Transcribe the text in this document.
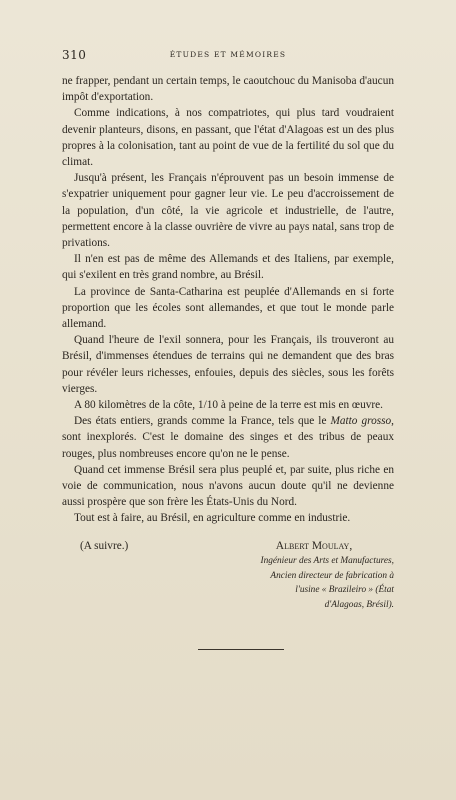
310	ÉTUDES ET MÉMOIRES

ne frapper, pendant un certain temps, le caoutchouc du Manisoba d'aucun impôt d'exportation.

Comme indications, à nos compatriotes, qui plus tard voudraient devenir planteurs, disons, en passant, que l'état d'Alagoas est un des plus propres à la colonisation, tant au point de vue de la fertilité du sol que du climat.

Jusqu'à présent, les Français n'éprouvent pas un besoin immense de s'expatrier uniquement pour gagner leur vie. Le peu d'accroissement de la population, d'un côté, la vie agricole et industrielle, de l'autre, permettent encore à la classe ouvrière de vivre au pays natal, sans trop de privations.

Il n'en est pas de même des Allemands et des Italiens, par exemple, qui s'exilent en très grand nombre, au Brésil.

La province de Santa-Catharina est peuplée d'Allemands en si forte proportion que les écoles sont allemandes, et que tout le monde parle allemand.

Quand l'heure de l'exil sonnera, pour les Français, ils trouveront au Brésil, d'immenses étendues de terrains qui ne demandent que des bras pour révéler leurs richesses, enfouies, depuis des siècles, sous les forêts vierges.

A 80 kilomètres de la côte, 1/10 à peine de la terre est mis en œuvre.

Des états entiers, grands comme la France, tels que le Matto grosso, sont inexplorés. C'est le domaine des singes et des tribus de peaux rouges, plus nombreuses encore qu'on ne le pense.

Quand cet immense Brésil sera plus peuplé et, par suite, plus riche en voie de communication, nous n'avons aucun doute qu'il ne devienne aussi prospère que son frère les États-Unis du Nord.

Tout est à faire, au Brésil, en agriculture comme en industrie.

(A suivre.)	Albert Moulay,
Ingénieur des Arts et Manufactures,
Ancien directeur de fabrication à
l'usine « Brazileiro » (État
d'Alagoas, Brésil).
